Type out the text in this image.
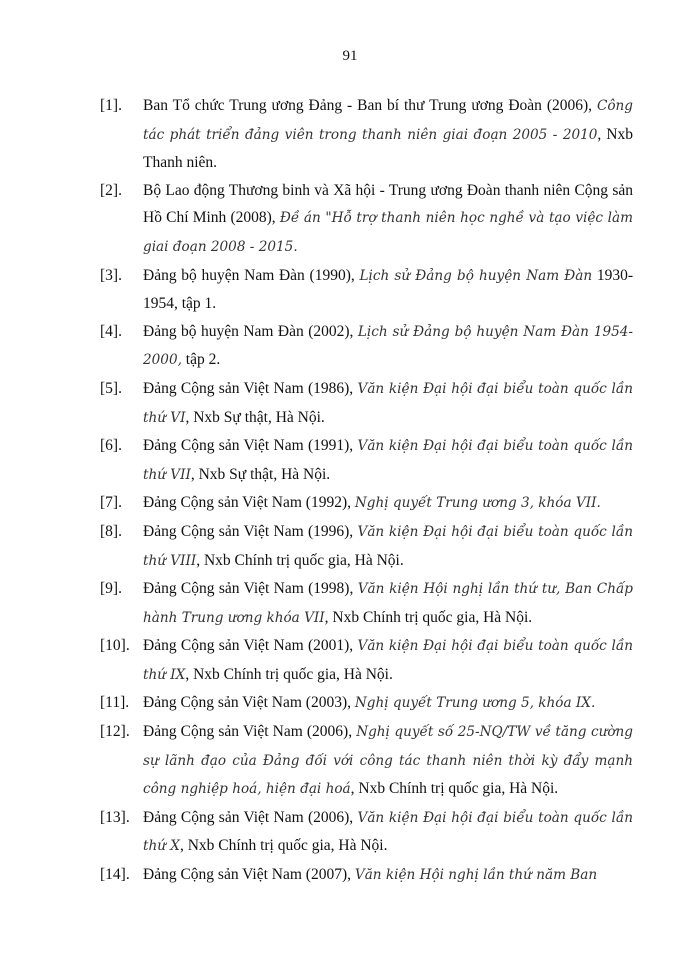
91
[1]. Ban Tổ chức Trung ương Đảng - Ban bí thư Trung ương Đoàn (2006), Công tác phát triển đảng viên trong thanh niên giai đoạn 2005 - 2010, Nxb Thanh niên.
[2]. Bộ Lao động Thương binh và Xã hội - Trung ương Đoàn thanh niên Cộng sản Hồ Chí Minh (2008), Đề án "Hỗ trợ thanh niên học nghề và tạo việc làm giai đoạn 2008 - 2015.
[3]. Đảng bộ huyện Nam Đàn (1990), Lịch sử Đảng bộ huyện Nam Đàn 1930-1954, tập 1.
[4]. Đảng bộ huyện Nam Đàn (2002), Lịch sử Đảng bộ huyện Nam Đàn 1954-2000, tập 2.
[5]. Đảng Cộng sản Việt Nam (1986), Văn kiện Đại hội đại biểu toàn quốc lần thứ VI, Nxb Sự thật, Hà Nội.
[6]. Đảng Cộng sản Việt Nam (1991), Văn kiện Đại hội đại biểu toàn quốc lần thứ VII, Nxb Sự thật, Hà Nội.
[7]. Đảng Cộng sản Việt Nam (1992), Nghị quyết Trung ương 3, khóa VII.
[8]. Đảng Cộng sản Việt Nam (1996), Văn kiện Đại hội đại biểu toàn quốc lần thứ VIII, Nxb Chính trị quốc gia, Hà Nội.
[9]. Đảng Cộng sản Việt Nam (1998), Văn kiện Hội nghị lần thứ tư, Ban Chấp hành Trung ương khóa VII, Nxb Chính trị quốc gia, Hà Nội.
[10]. Đảng Cộng sản Việt Nam (2001), Văn kiện Đại hội đại biểu toàn quốc lần thứ IX, Nxb Chính trị quốc gia, Hà Nội.
[11]. Đảng Cộng sản Việt Nam (2003), Nghị quyết Trung ương 5, khóa IX.
[12]. Đảng Cộng sản Việt Nam (2006), Nghị quyết số 25-NQ/TW về tăng cường sự lãnh đạo của Đảng đối với công tác thanh niên thời kỳ đẩy mạnh công nghiệp hoá, hiện đại hoá, Nxb Chính trị quốc gia, Hà Nội.
[13]. Đảng Cộng sản Việt Nam (2006), Văn kiện Đại hội đại biểu toàn quốc lần thứ X, Nxb Chính trị quốc gia, Hà Nội.
[14]. Đảng Cộng sản Việt Nam (2007), Văn kiện Hội nghị lần thứ năm Ban
